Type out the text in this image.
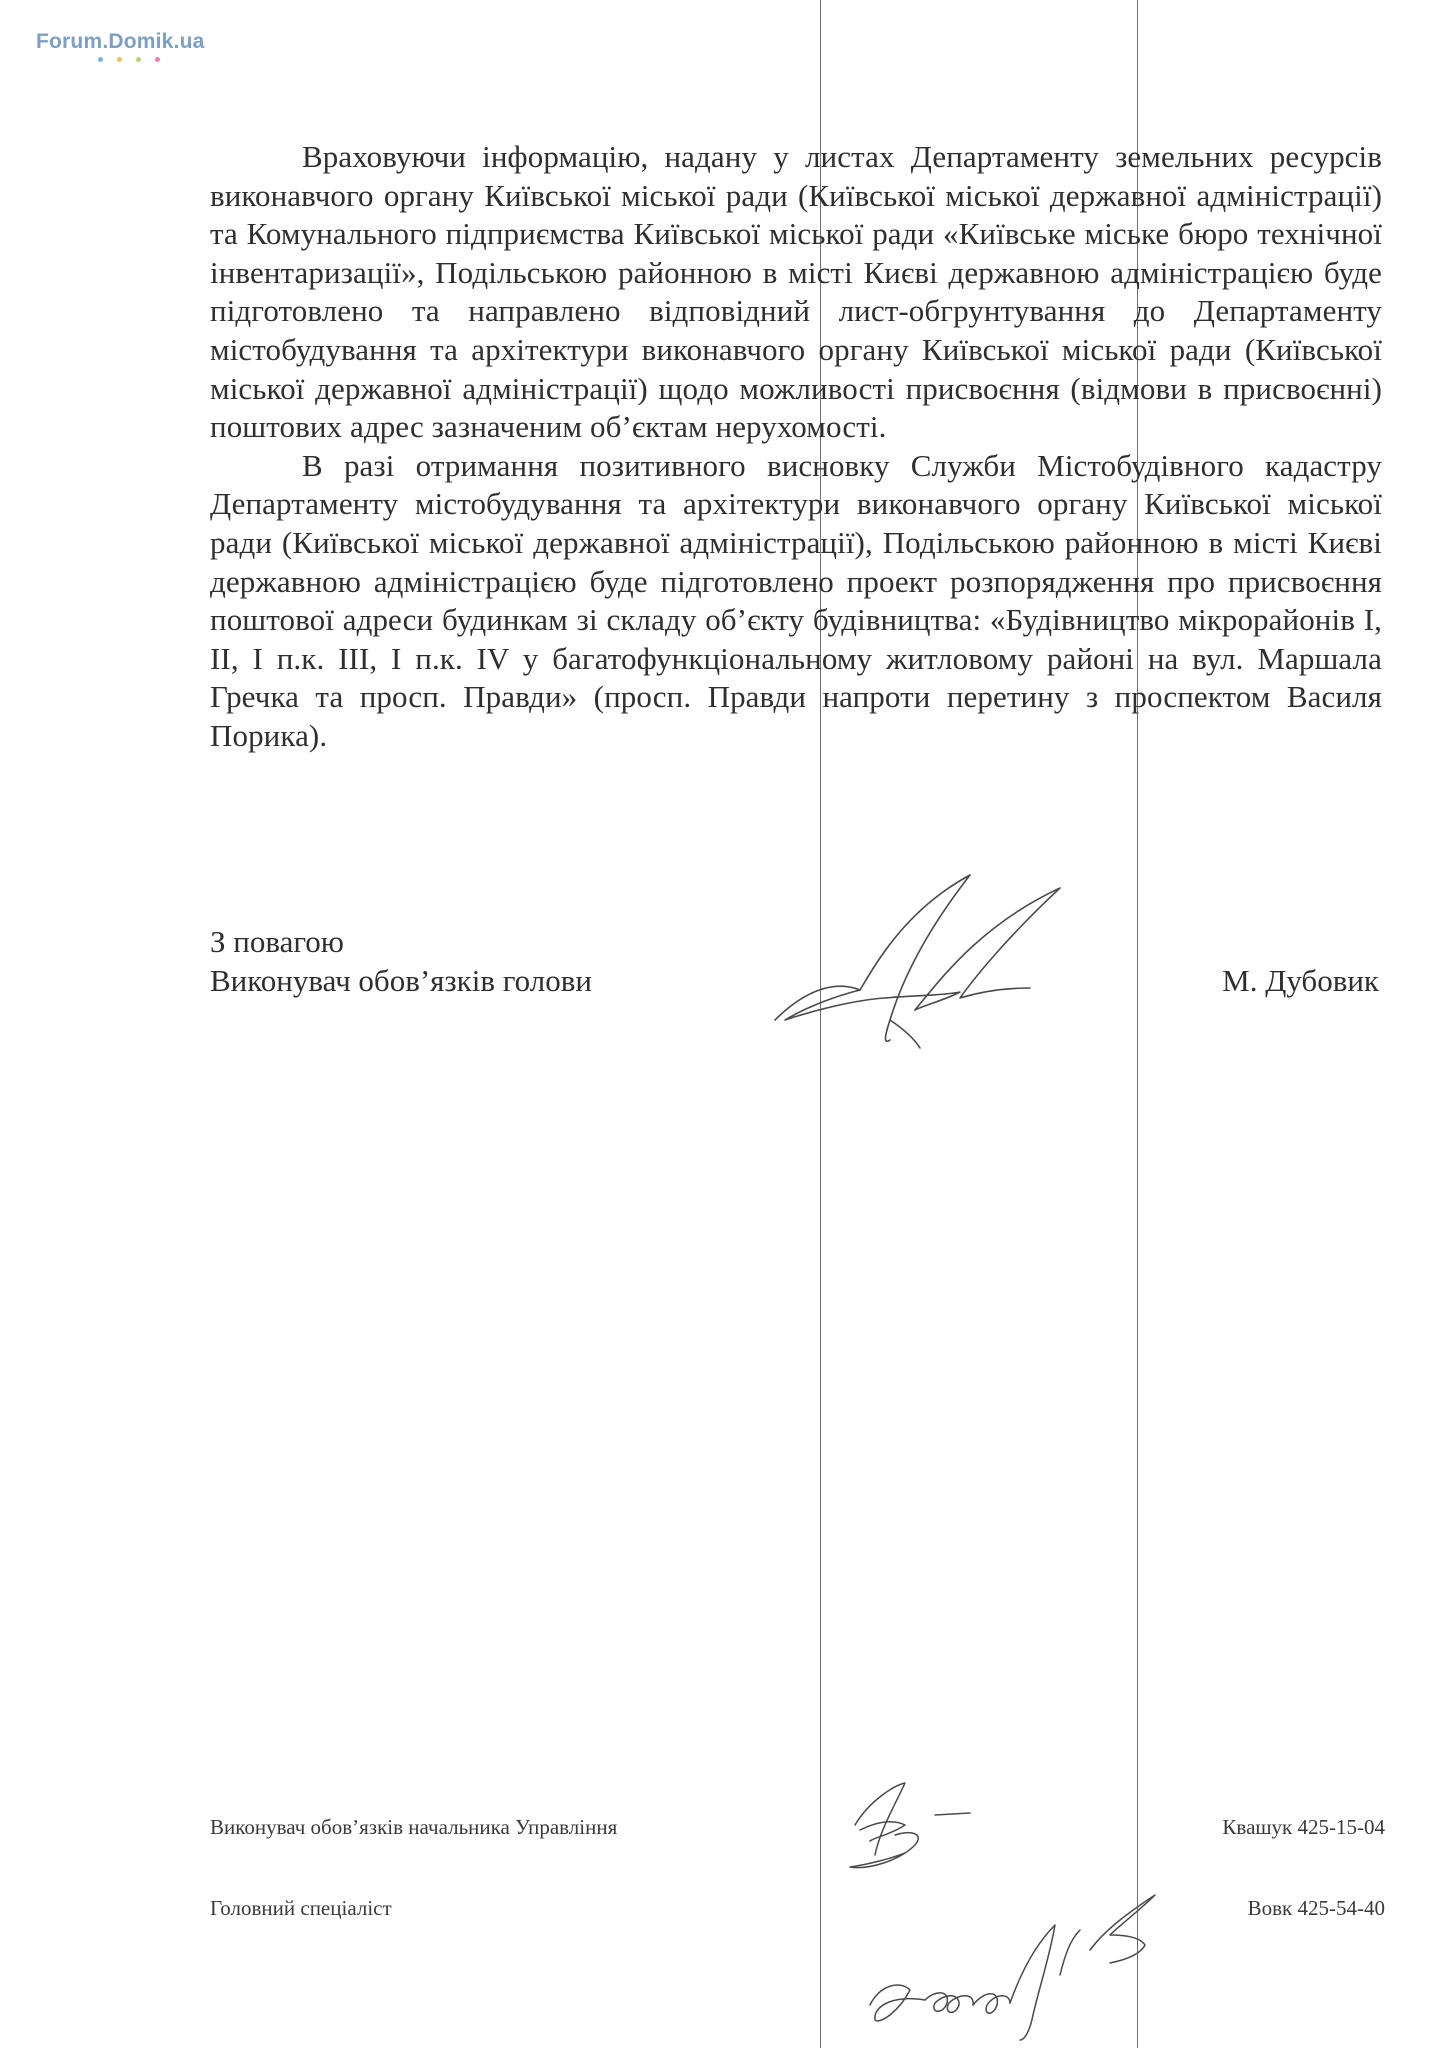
Forum.Domik.ua

Враховуючи інформацію, надану у листах Департаменту земельних ресурсів виконавчого органу Київської міської ради (Київської міської державної адміністрації) та Комунального підприємства Київської міської ради «Київське міське бюро технічної інвентаризації», Подільською районною в місті Києві державною адміністрацією буде підготовлено та направлено відповідний лист-обгрунтування до Департаменту містобудування та архітектури виконавчого органу Київської міської ради (Київської міської державної адміністрації) щодо можливості присвоєння (відмови в присвоєнні) поштових адрес зазначеним об’єктам нерухомості.

В разі отримання позитивного висновку Служби Містобудівного кадастру Департаменту містобудування та архітектури виконавчого органу Київської міської ради (Київської міської державної адміністрації), Подільською районною в місті Києві державною адміністрацією буде підготовлено проект розпорядження про присвоєння поштової адреси будинкам зі складу об’єкту будівництва: «Будівництво мікрорайонів І, ІІ, І п.к. ІІІ, І п.к. IV у багатофункціональному житловому районі на вул. Маршала Гречка та просп. Правди» (просп. Правди напроти перетину з проспектом Василя Порика).

З повагою
Виконувач обов’язків голови	М. Дубовик
Виконувач обов’язків начальника Управління	Квашук 425-15-04
Головний спеціаліст	Вовк 425-54-40
